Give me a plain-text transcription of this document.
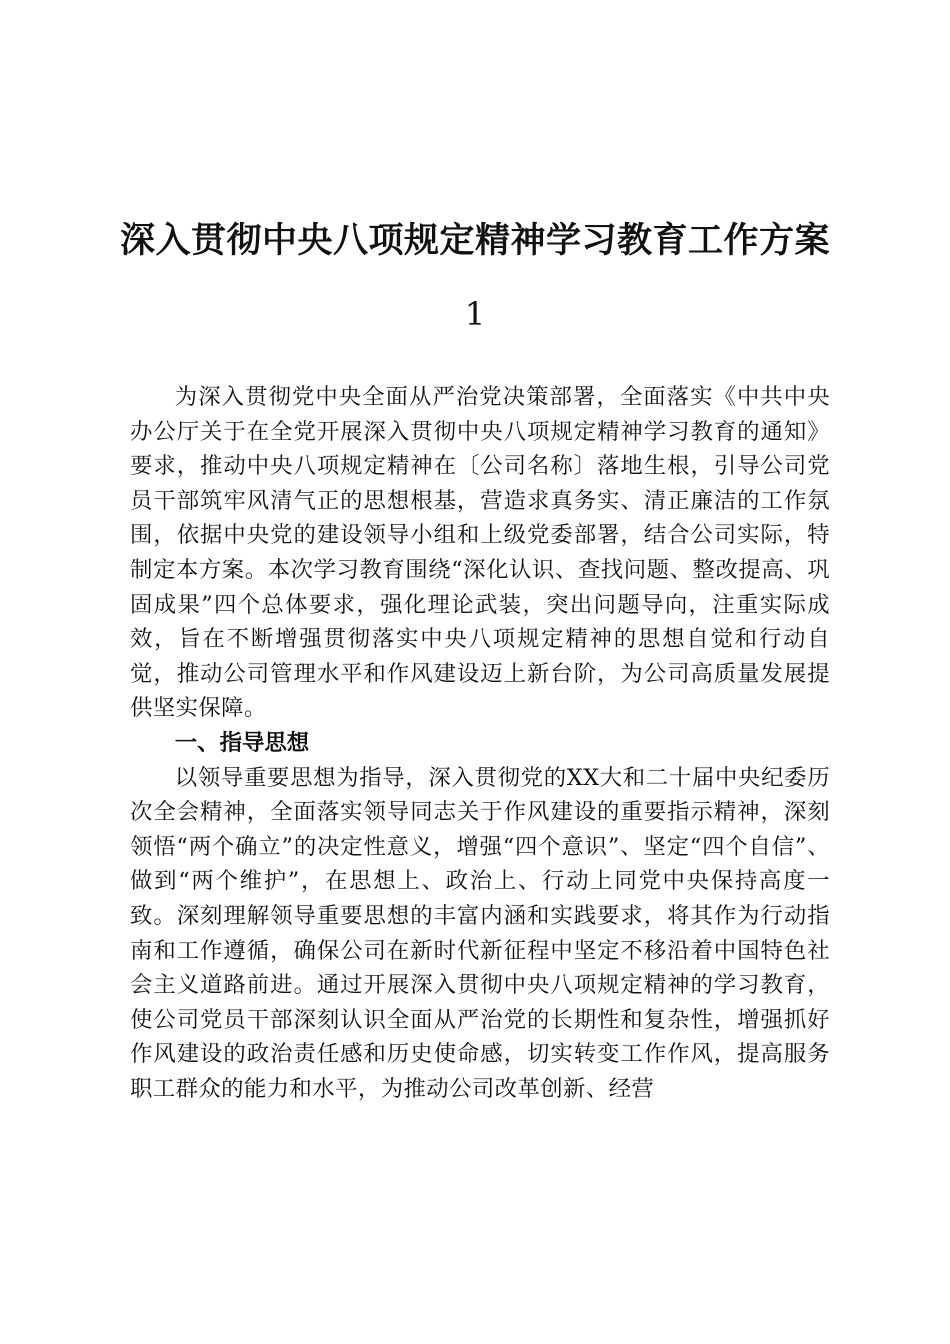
深入贯彻中央八项规定精神学习教育工作方案
1

为深入贯彻党中央全面从严治党决策部署，全面落实《中共中央办公厅关于在全党开展深入贯彻中央八项规定精神学习教育的通知》要求，推动中央八项规定精神在〔公司名称〕落地生根，引导公司党员干部筑牢风清气正的思想根基，营造求真务实、清正廉洁的工作氛围，依据中央党的建设领导小组和上级党委部署，结合公司实际，特制定本方案。本次学习教育围绕“深化认识、查找问题、整改提高、巩固成果”四个总体要求，强化理论武装，突出问题导向，注重实际成效，旨在不断增强贯彻落实中央八项规定精神的思想自觉和行动自觉，推动公司管理水平和作风建设迈上新台阶，为公司高质量发展提供坚实保障。

一、指导思想

以领导重要思想为指导，深入贯彻党的XX大和二十届中央纪委历次全会精神，全面落实领导同志关于作风建设的重要指示精神，深刻领悟“两个确立”的决定性意义，增强“四个意识”、坚定“四个自信”、做到“两个维护”，在思想上、政治上、行动上同党中央保持高度一致。深刻理解领导重要思想的丰富内涵和实践要求，将其作为行动指南和工作遵循，确保公司在新时代新征程中坚定不移沿着中国特色社会主义道路前进。通过开展深入贯彻中央八项规定精神的学习教育，使公司党员干部深刻认识全面从严治党的长期性和复杂性，增强抓好作风建设的政治责任感和历史使命感，切实转变工作作风，提高服务职工群众的能力和水平，为推动公司改革创新、经营
